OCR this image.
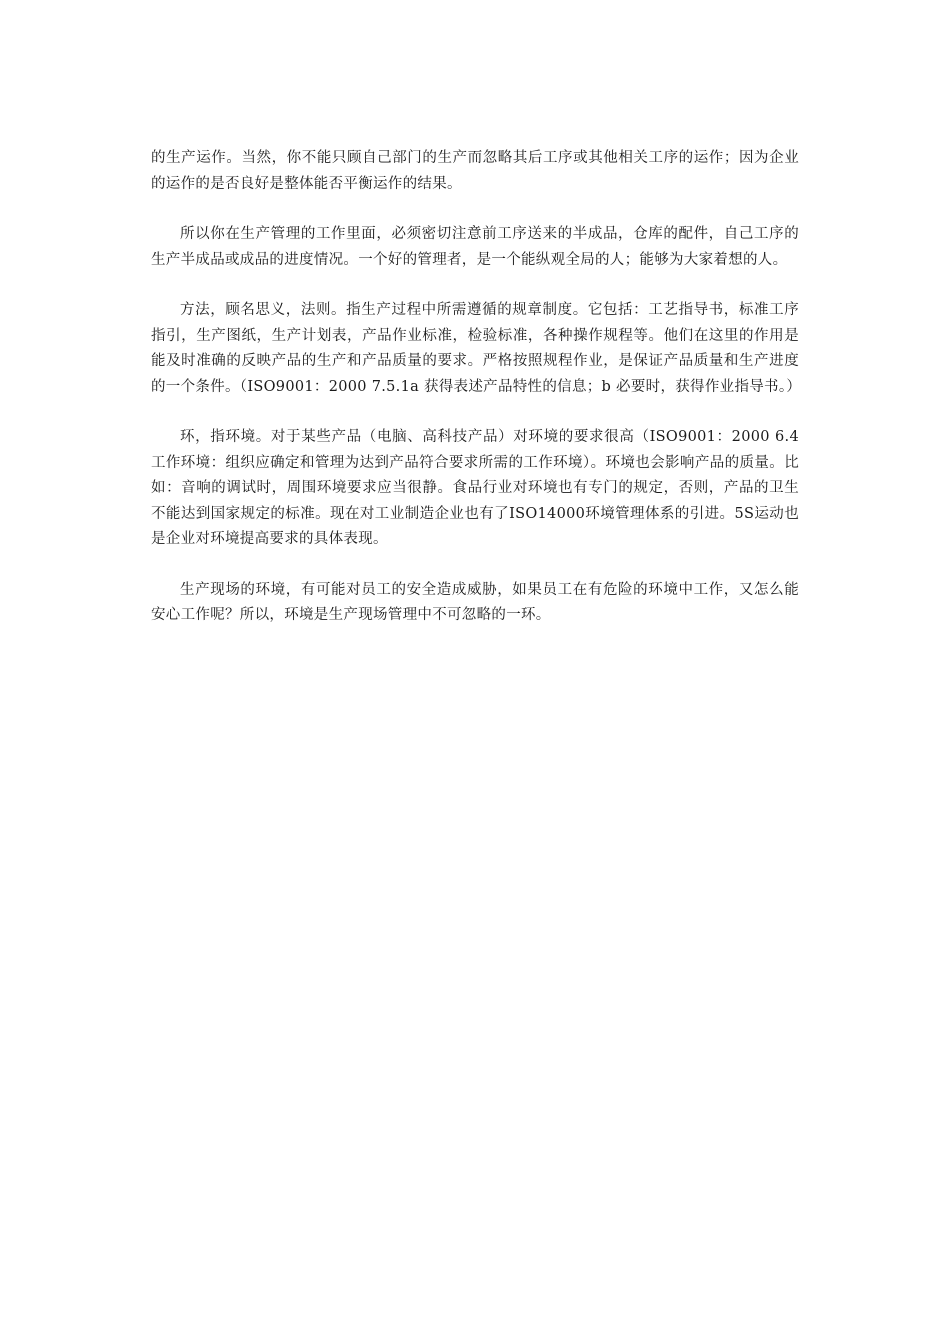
的生产运作。当然，你不能只顾自己部门的生产而忽略其后工序或其他相关工序的运作；因为企业的运作的是否良好是整体能否平衡运作的结果。

所以你在生产管理的工作里面，必须密切注意前工序送来的半成品，仓库的配件，自己工序的生产半成品或成品的进度情况。一个好的管理者，是一个能纵观全局的人；能够为大家着想的人。

方法，顾名思义，法则。指生产过程中所需遵循的规章制度。它包括：工艺指导书，标准工序指引，生产图纸，生产计划表，产品作业标准，检验标准，各种操作规程等。他们在这里的作用是能及时准确的反映产品的生产和产品质量的要求。严格按照规程作业，是保证产品质量和生产进度的一个条件。（ISO9001：2000 7.5.1a 获得表述产品特性的信息；b 必要时，获得作业指导书。）

环，指环境。对于某些产品（电脑、高科技产品）对环境的要求很高（ISO9001：2000 6.4 工作环境：组织应确定和管理为达到产品符合要求所需的工作环境）。环境也会影响产品的质量。比如：音响的调试时，周围环境要求应当很静。食品行业对环境也有专门的规定，否则，产品的卫生不能达到国家规定的标准。现在对工业制造企业也有了ISO14000环境管理体系的引进。5S运动也是企业对环境提高要求的具体表现。

生产现场的环境，有可能对员工的安全造成威胁，如果员工在有危险的环境中工作，又怎么能安心工作呢？所以，环境是生产现场管理中不可忽略的一环。
